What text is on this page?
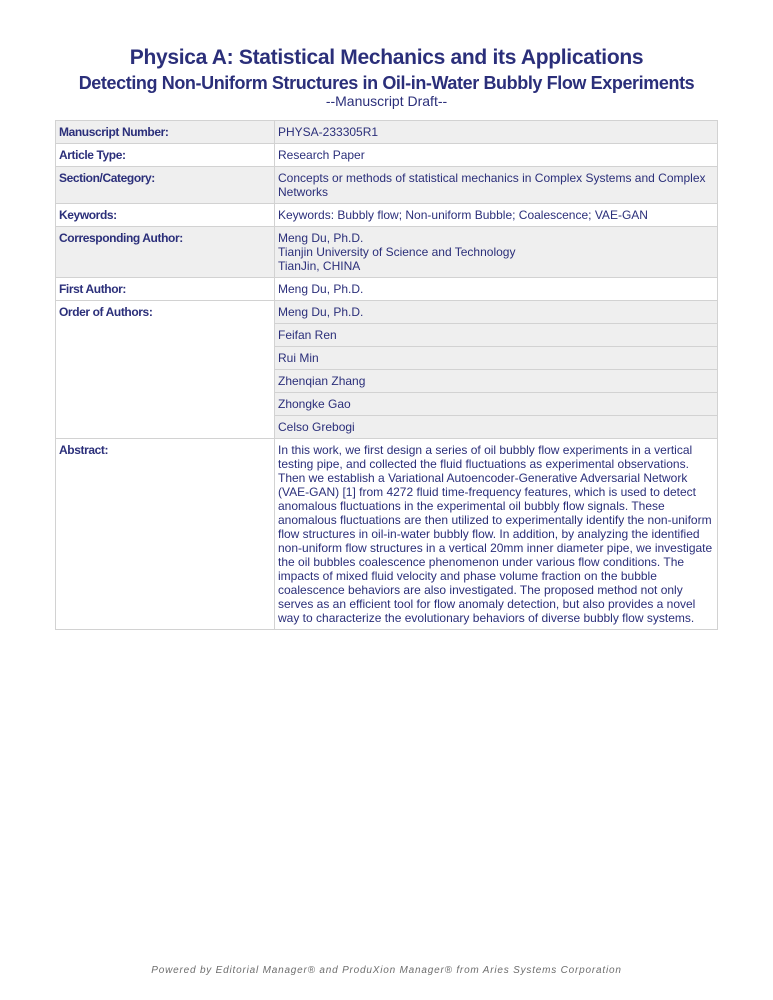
Physica A: Statistical Mechanics and its Applications
Detecting Non-Uniform Structures in Oil-in-Water Bubbly Flow Experiments
--Manuscript Draft--
Manuscript Number:	PHYSA-233305R1
Article Type:	Research Paper
Section/Category:	Concepts or methods of statistical mechanics in Complex Systems and Complex Networks
Keywords:	Keywords: Bubbly flow; Non-uniform Bubble; Coalescence; VAE-GAN
Corresponding Author:	Meng Du, Ph.D.
Tianjin University of Science and Technology
TianJin, CHINA

First Author:	Meng Du, Ph.D.
Order of Authors:	Meng Du, Ph.D.
	Feifan Ren
	Rui Min
	Zhenqian Zhang
	Zhongke Gao
	Celso Grebogi
Abstract:	In this work, we first design a series of oil bubbly flow experiments in a vertical testing pipe, and collected the fluid fluctuations as experimental observations. Then we establish a Variational Autoencoder-Generative Adversarial Network (VAE-GAN) [1] from 4272 fluid time-frequency features, which is used to detect anomalous fluctuations in the experimental oil bubbly flow signals. These anomalous fluctuations are then utilized to experimentally identify the non-uniform flow structures in oil-in-water bubbly flow. In addition, by analyzing the identified non-uniform flow structures in a vertical 20mm inner diameter pipe, we investigate the oil bubbles coalescence phenomenon under various flow conditions. The impacts of mixed fluid velocity and phase volume fraction on the bubble coalescence behaviors are also investigated. The proposed method not only serves as an efficient tool for flow anomaly detection, but also provides a novel way to characterize the evolutionary behaviors of diverse bubbly flow systems.
Powered by Editorial Manager® and ProduXion Manager® from Aries Systems Corporation
